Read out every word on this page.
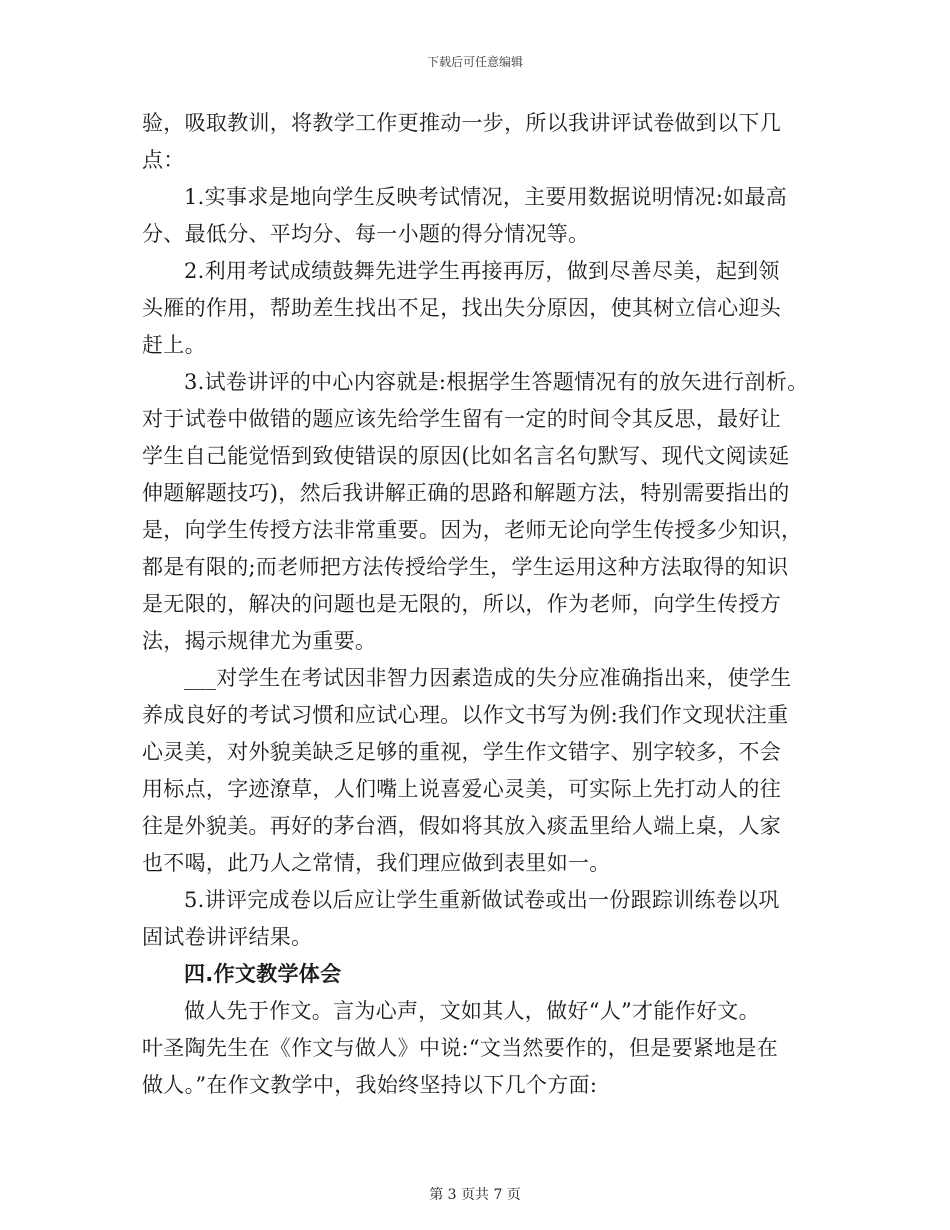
下载后可任意编辑
验，吸取教训，将教学工作更推动一步，所以我讲评试卷做到以下几
点：
1.实事求是地向学生反映考试情况，主要用数据说明情况:如最高
分、最低分、平均分、每一小题的得分情况等。
2.利用考试成绩鼓舞先进学生再接再厉，做到尽善尽美，起到领
头雁的作用，帮助差生找出不足，找出失分原因，使其树立信心迎头
赶上。
3.试卷讲评的中心内容就是:根据学生答题情况有的放矢进行剖析。
对于试卷中做错的题应该先给学生留有一定的时间令其反思，最好让
学生自己能觉悟到致使错误的原因(比如名言名句默写、现代文阅读延
伸题解题技巧)，然后我讲解正确的思路和解题方法，特别需要指出的
是，向学生传授方法非常重要。因为，老师无论向学生传授多少知识，
都是有限的;而老师把方法传授给学生，学生运用这种方法取得的知识
是无限的，解决的问题也是无限的，所以，作为老师，向学生传授方
法，揭示规律尤为重要。
___对学生在考试因非智力因素造成的失分应准确指出来，使学生
养成良好的考试习惯和应试心理。以作文书写为例:我们作文现状注重
心灵美，对外貌美缺乏足够的重视，学生作文错字、别字较多，不会
用标点，字迹潦草，人们嘴上说喜爱心灵美，可实际上先打动人的往
往是外貌美。再好的茅台酒，假如将其放入痰盂里给人端上桌，人家
也不喝，此乃人之常情，我们理应做到表里如一。
5.讲评完成卷以后应让学生重新做试卷或出一份跟踪训练卷以巩
固试卷讲评结果。
四.作文教学体会
做人先于作文。言为心声，文如其人，做好“人”才能作好文。
叶圣陶先生在《作文与做人》中说:“文当然要作的，但是要紧地是在
做人。”在作文教学中，我始终坚持以下几个方面:
第 3 页共 7 页
